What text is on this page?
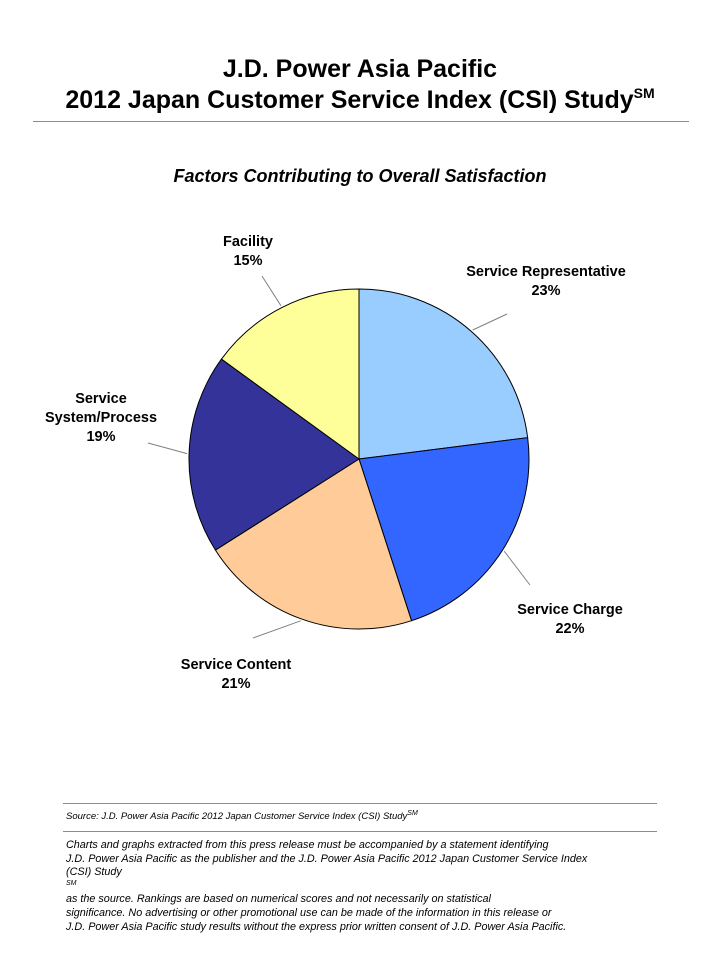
J.D. Power Asia Pacific
2012 Japan Customer Service Index (CSI) Study℠
Factors Contributing to Overall Satisfaction
Service Representative 23%
Service Charge 22%
Service Content 21%
Service System/Process 19%
Facility 15%
Source: J.D. Power Asia Pacific 2012 Japan Customer Service Index (CSI) Study℠
Charts and graphs extracted from this press release must be accompanied by a statement identifying
J.D. Power Asia Pacific as the publisher and the J.D. Power Asia Pacific 2012 Japan Customer Service Index
(CSI) Study
℠
as the source. Rankings are based on numerical scores and not necessarily on statistical
significance. No advertising or other promotional use can be made of the information in this release or
J.D. Power Asia Pacific study results without the express prior written consent of J.D. Power Asia Pacific.
